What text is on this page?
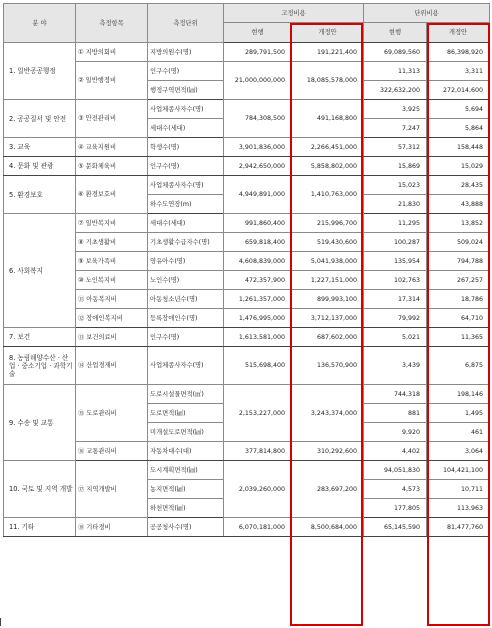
분 야	측정항목	측정단위	고정비용		단위비용	
			현행	개정안	현행	개정안
1. 일반공공행정	① 지방의회비	지방의원수(명)	289,791,500	191,221,400	69,089,560	86,398,920
	② 일반행정비	인구수(명)	21,000,000,000	18,085,578,000	11,313	3,311
		행정구역면적(㎢)			322,632,200	272,014,600
2. 공공질서 및 안전	③ 안전관리비	사업체종사자수(명)	784,308,500	491,168,800	3,925	5,694
		세대수(세대)			7,247	5,864
3. 교육	④ 교육지원비	학생수(명)	3,901,836,000	2,266,451,000	57,312	158,448
4. 문화 및 관광	⑤ 문화체육비	인구수(명)	2,942,650,000	5,858,802,000	15,869	15,029
5. 환경보호	⑥ 환경보호비	사업체종사자수(명)	4,949,891,000	1,410,763,000	15,023	28,435
		하수도연장(m)			21,830	43,888
6. 사회복지	⑦ 일반복지비	세대수(세대)	991,860,400	215,996,700	11,295	13,852
	⑧ 기초생활비	기초생활수급자수(명)	659,818,400	519,430,600	100,287	509,024
	⑨ 보육가족비	영유아수(명)	4,608,839,000	5,041,938,000	135,954	794,788
	⑩ 노인복지비	노인수(명)	472,357,900	1,227,151,000	102,763	267,257
	⑪ 아동복지비	아동청소년수(명)	1,261,357,000	899,993,100	17,314	18,786
	⑫ 장애인복지비	등록장애인수(명)	1,476,995,000	3,712,137,000	79,992	64,710
7. 보건	⑬ 보건의료비	인구수(명)	1,613,581,000	687,602,000	5,021	11,365
8. 농림해양수산 · 산업 · 중소기업 · 과학기술	⑭ 산업경제비	사업체종사자수(명)	515,698,400	136,570,900	3,439	6,875

9. 수송 및 교통	⑮ 도로관리비	도로시설물면적(㎡)	2,153,227,000	3,243,374,000	744,318	198,146
		도로면적(㎢)			881	1,495
		미개설도로면적(㎢)			9,920	461
	⑯ 교통관리비	자동차대수(대)	377,814,800	310,292,600	4,402	3,064
10. 국토 및 지역 개발	⑰ 지역개발비	도시계획면적(㎢)	2,039,260,000	283,697,200	94,051,830	104,421,100
		농지면적(㎢)			4,573	10,711
		하천면적(㎢)			177,805	113,963
11. 기타	⑱ 기타경비	공공청사수(명)	6,070,181,000	8,500,684,000	65,145,590	81,477,760
